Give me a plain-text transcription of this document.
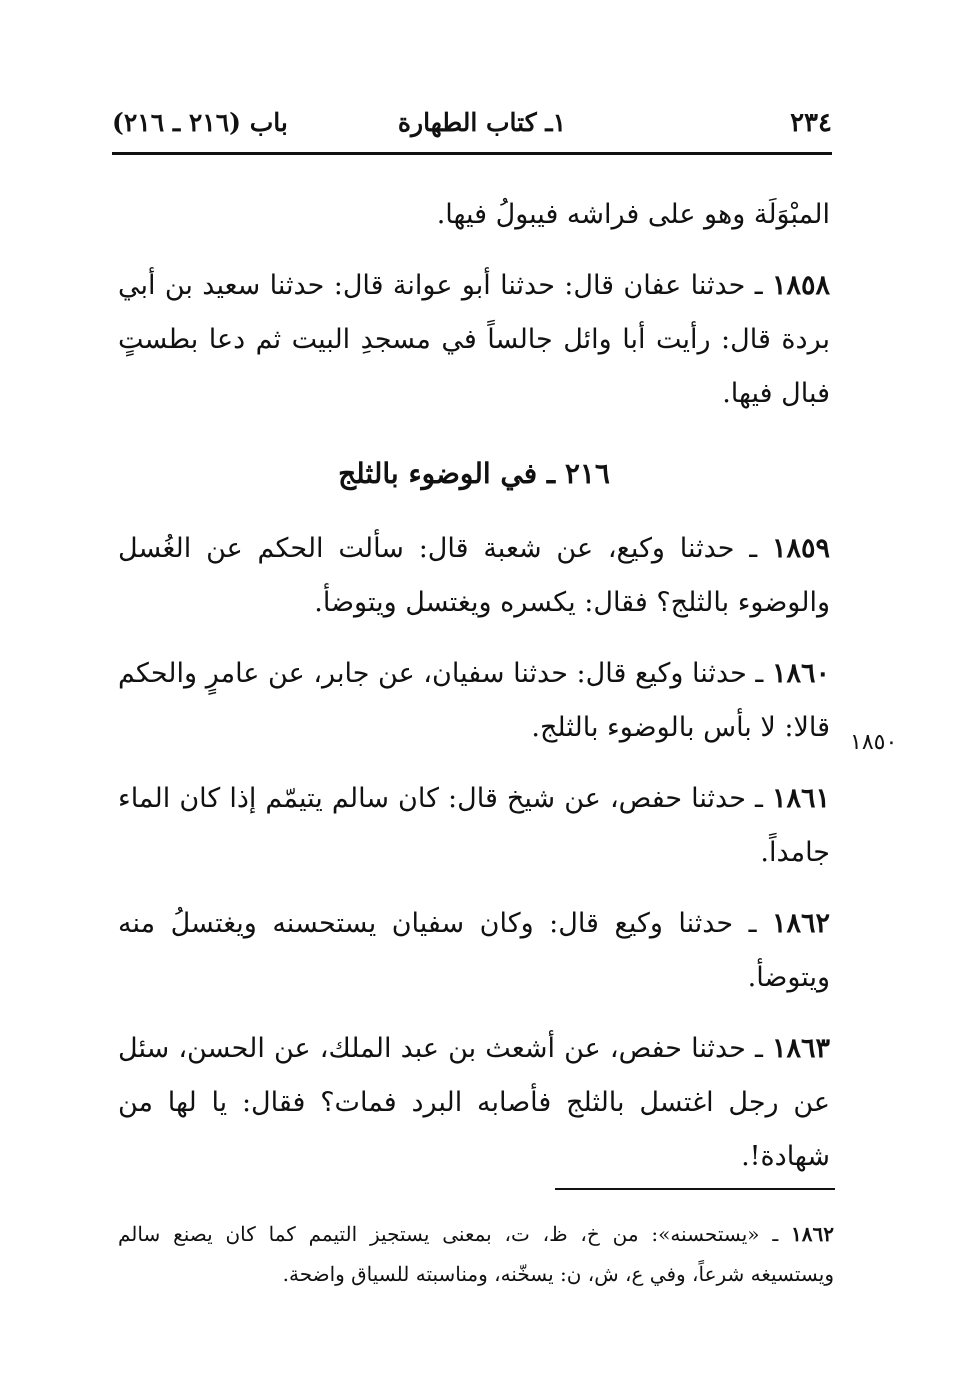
٢٣٤
١ـ كتاب الطهارة
باب (٢١٦ ـ ٢١٦)
١٨٥٠

المبْوَلَة وهو على فراشه فيبولُ فيها.

١٨٥٨ ـ حدثنا عفان قال: حدثنا أبو عوانة قال: حدثنا سعيد بن أبي بردة قال: رأيت أبا وائل جالساً في مسجدِ البيت ثم دعا بطستٍ فبال فيها.

٢١٦ ـ في الوضوء بالثلج

١٨٥٩ ـ حدثنا وكيع، عن شعبة قال: سألت الحكم عن الغُسل والوضوء بالثلج؟ فقال: يكسره ويغتسل ويتوضأ.

١٨٦٠ ـ حدثنا وكيع قال: حدثنا سفيان، عن جابر، عن عامرٍ والحكم قالا: لا بأس بالوضوء بالثلج.

١٨٦١ ـ حدثنا حفص، عن شيخ قال: كان سالم يتيمّم إذا كان الماء جامداً.

١٨٦٢ ـ حدثنا وكيع قال: وكان سفيان يستحسنه ويغتسلُ منه ويتوضأ.

١٨٦٣ ـ حدثنا حفص، عن أشعث بن عبد الملك، عن الحسن، سئل عن رجل اغتسل بالثلج فأصابه البرد فمات؟ فقال: يا لها من شهادة!.

١٨٦٢ ـ «يستحسنه»: من خ، ظ، ت، بمعنى يستجيز التيمم كما كان يصنع سالم ويستسيغه شرعاً، وفي ع، ش، ن: يسخّنه، ومناسبته للسياق واضحة.
